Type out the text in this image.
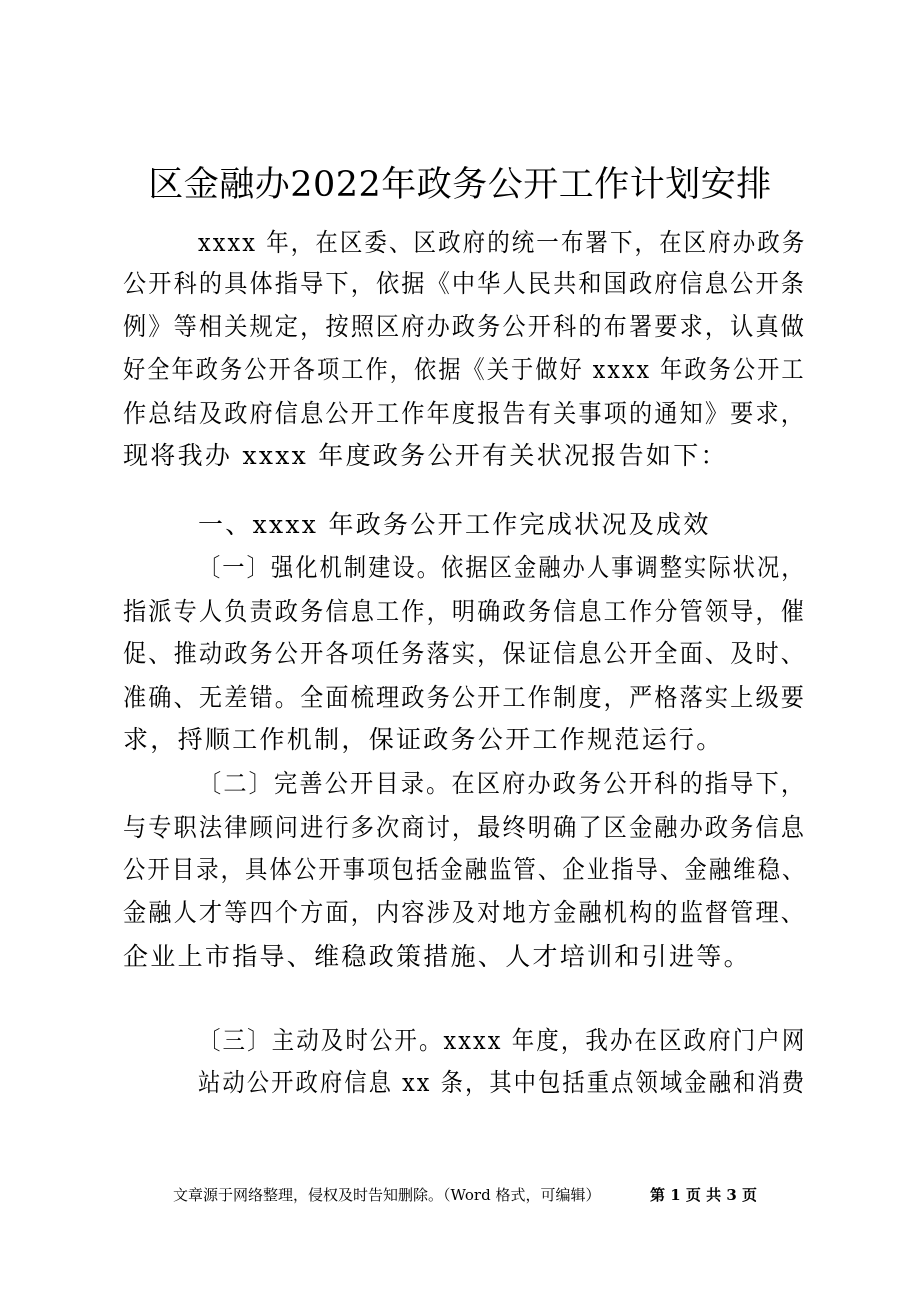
区金融办2022年政务公开工作计划安排
xxxx 年，在区委、区政府的统一布署下，在区府办政务
公开科的具体指导下，依据《中华人民共和国政府信息公开条
例》等相关规定，按照区府办政务公开科的布署要求，认真做
好全年政务公开各项工作，依据《关于做好 xxxx 年政务公开工
作总结及政府信息公开工作年度报告有关事项的通知》要求，
现将我办 xxxx 年度政务公开有关状况报告如下：
一、xxxx 年政务公开工作完成状况及成效
〔一〕强化机制建设。依据区金融办人事调整实际状况，
指派专人负责政务信息工作，明确政务信息工作分管领导，催
促、推动政务公开各项任务落实，保证信息公开全面、及时、
准确、无差错。全面梳理政务公开工作制度，严格落实上级要
求，捋顺工作机制，保证政务公开工作规范运行。
〔二〕完善公开目录。在区府办政务公开科的指导下，
与专职法律顾问进行多次商讨，最终明确了区金融办政务信息
公开目录，具体公开事项包括金融监管、企业指导、金融维稳、
金融人才等四个方面，内容涉及对地方金融机构的监督管理、
企业上市指导、维稳政策措施、人才培训和引进等。
〔三〕主动及时公开。xxxx 年度，我办在区政府门户网
站动公开政府信息 xx 条，其中包括重点领域金融和消费
文章源于网络整理，侵权及时告知删除。（Word 格式，可编辑）	第 1 页 共 3 页
